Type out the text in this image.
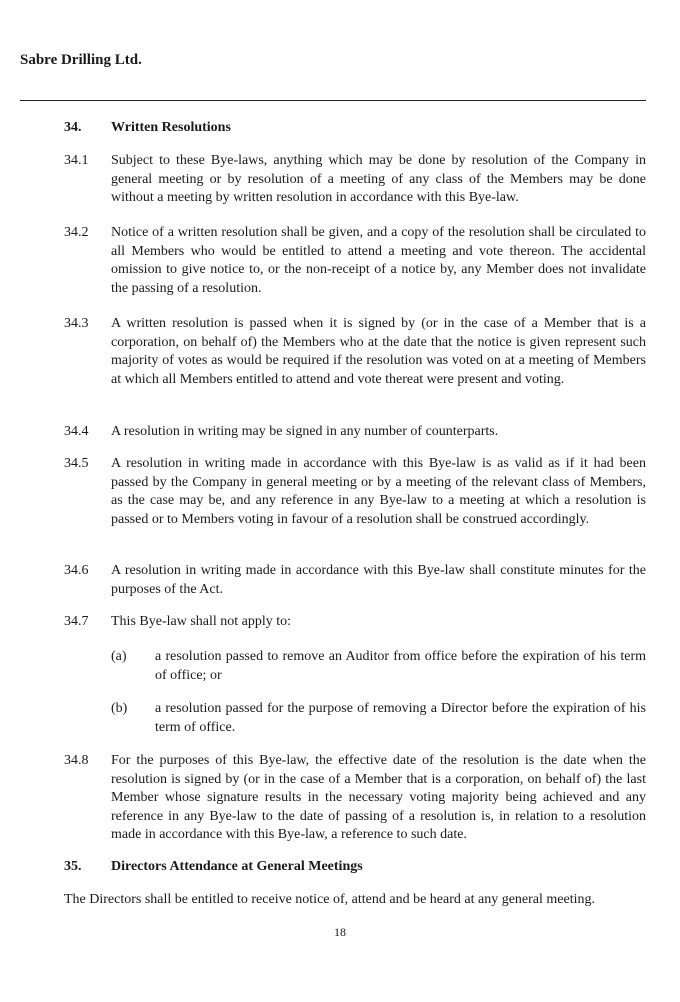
Sabre Drilling Ltd.
34.	Written Resolutions
34.1 Subject to these Bye-laws, anything which may be done by resolution of the Company in general meeting or by resolution of a meeting of any class of the Members may be done without a meeting by written resolution in accordance with this Bye-law.
34.2 Notice of a written resolution shall be given, and a copy of the resolution shall be circulated to all Members who would be entitled to attend a meeting and vote thereon. The accidental omission to give notice to, or the non-receipt of a notice by, any Member does not invalidate the passing of a resolution.
34.3 A written resolution is passed when it is signed by (or in the case of a Member that is a corporation, on behalf of) the Members who at the date that the notice is given represent such majority of votes as would be required if the resolution was voted on at a meeting of Members at which all Members entitled to attend and vote thereat were present and voting.
34.4 A resolution in writing may be signed in any number of counterparts.
34.5 A resolution in writing made in accordance with this Bye-law is as valid as if it had been passed by the Company in general meeting or by a meeting of the relevant class of Members, as the case may be, and any reference in any Bye-law to a meeting at which a resolution is passed or to Members voting in favour of a resolution shall be construed accordingly.
34.6 A resolution in writing made in accordance with this Bye-law shall constitute minutes for the purposes of the Act.
34.7 This Bye-law shall not apply to:
(a) a resolution passed to remove an Auditor from office before the expiration of his term of office; or
(b) a resolution passed for the purpose of removing a Director before the expiration of his term of office.
34.8 For the purposes of this Bye-law, the effective date of the resolution is the date when the resolution is signed by (or in the case of a Member that is a corporation, on behalf of) the last Member whose signature results in the necessary voting majority being achieved and any reference in any Bye-law to the date of passing of a resolution is, in relation to a resolution made in accordance with this Bye-law, a reference to such date.
35.	Directors Attendance at General Meetings
The Directors shall be entitled to receive notice of, attend and be heard at any general meeting.
18
